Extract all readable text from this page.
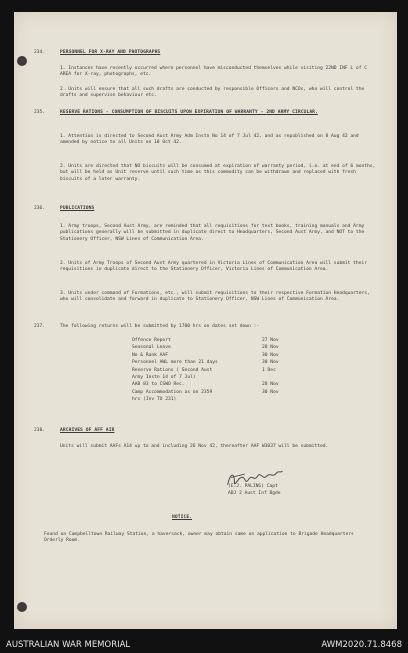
234.	PERSONNEL FOR X-RAY AND PHOTOGRAPHS
1. Instances have recently occurred where personnel have misconducted themselves while visiting 22ND INF L of C AREA for X-ray, photographs, etc.
2. Units will ensure that all such drafts are conducted by responsible Officers and NCOs, who will control the drafts and supervise behaviour etc.
235.	RESERVE RATIONS - CONSUMPTION OF BISCUITS UPON EXPIRATION OF WARRANTY - 2ND ARMY CIRCULAR.
1. Attention is directed to Second Aust Army Adm Instn No 14 of 7 Jul 42, and as republished on 8 Aug 42 and amended by notice to all Units on 10 Oct 42.
2. Units are directed that NO biscuits will be consumed at expiration of warranty period, i.e. at end of 6 months, but will be held as Unit reserve until such time as this commodity can be withdrawn and replaced with fresh biscuits of a later warranty.
236.	PUBLICATIONS
1. Army troops, Second Aust Army, are reminded that all requisitions for text books, training manuals and Army publications generally will be submitted in duplicate direct to Headquarters, Second Aust Army, and NOT to the Stationery Officer, NSW Lines of Communication Area.
2. Units of Army Troops of Second Aust Army quartered in Victoria Lines of Communication Area will submit their requisitions in duplicate direct to the Stationery Officer, Victoria Lines of Communication Area.
3. Units under command of Formations, etc., will submit requisitions to their respective Formation Headquarters, who will consolidate and forward in duplicate to Stationery Officer, NSW Lines of Communication Area.
237.	The following returns will be submitted by 1700 hrs on dates set down :-
238.	ARCHIVES OF AFF AIR
Units will submit AAFs A14 up to and including 26 Nov 42, thereafter AAF W3037 will be submitted.
(E.J. PALING) Capt
ADJ 2 Aust Inf Bgde
NOTICE.
Found on Campbelltown Railway Station, a haversack, owner may obtain same on application to Brigade Headquarters Orderly Room.
Offence Report	27 Nov
Seasonal Leave	28 Nov
No & Rank AAF	30 Nov
Personnel AWL more than 21 days	30 Nov
Reserve Rations ( Second Aust	1 Dec
Army Instn 14 of 7 Jul)
AAB 83 to CSWO Rec.	28 Nov
Camp Accommodation as on 2359	30 Nov
hrs (Inv TO 231)
AUSTRALIAN WAR MEMORIAL	AWM2020.71.8468
